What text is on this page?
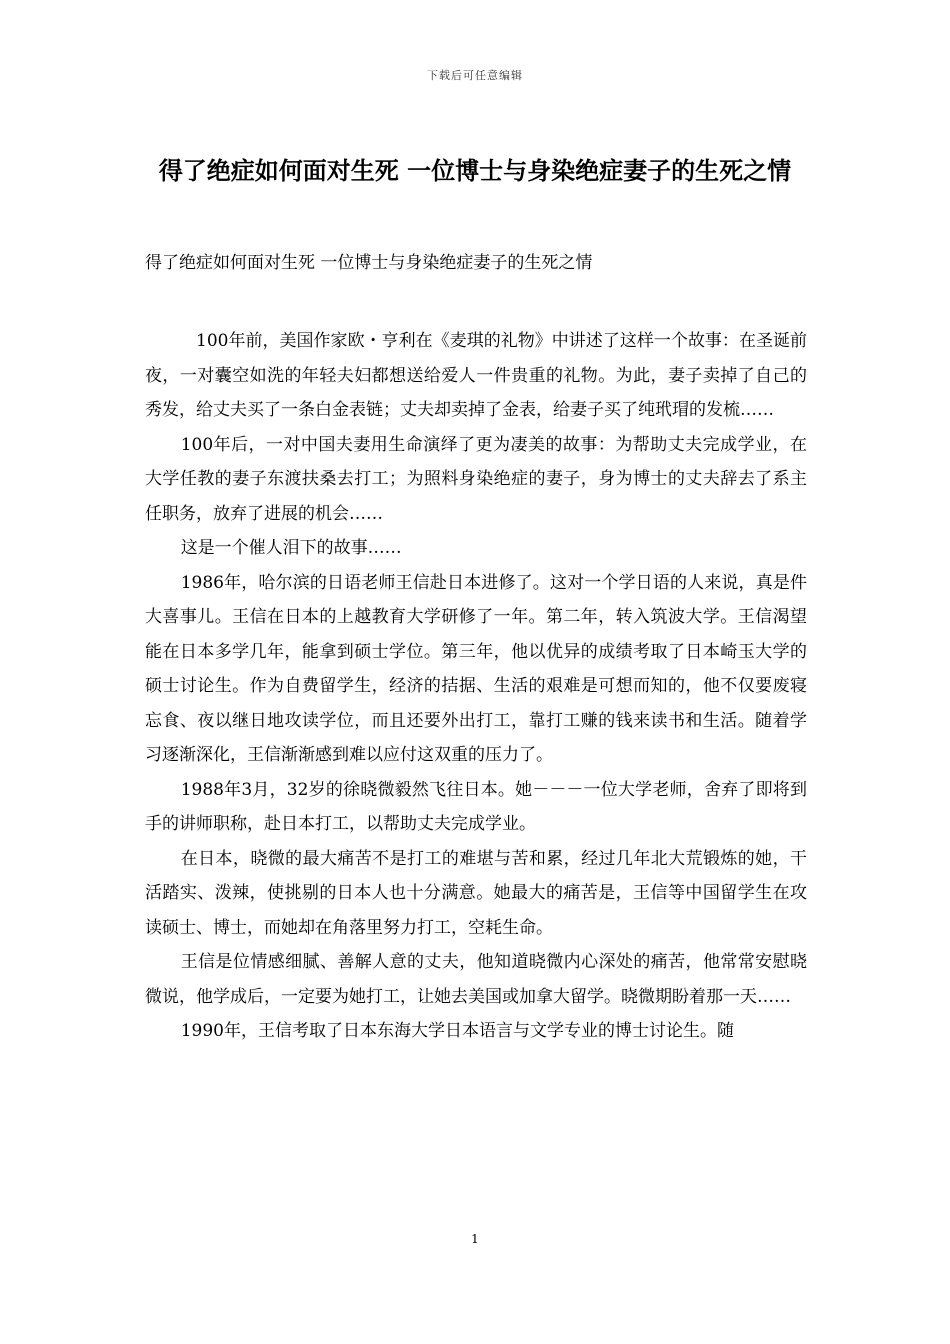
下载后可任意编辑
得了绝症如何面对生死 一位博士与身染绝症妻子的生死之情

得了绝症如何面对生死 一位博士与身染绝症妻子的生死之情

100年前，美国作家欧・亨利在《麦琪的礼物》中讲述了这样一个故事：在圣诞前夜，一对囊空如洗的年轻夫妇都想送给爱人一件贵重的礼物。为此，妻子卖掉了自己的秀发，给丈夫买了一条白金表链；丈夫却卖掉了金表，给妻子买了纯玳瑁的发梳……

100年后，一对中国夫妻用生命演绎了更为凄美的故事：为帮助丈夫完成学业，在大学任教的妻子东渡扶桑去打工；为照料身染绝症的妻子，身为博士的丈夫辞去了系主任职务，放弃了进展的机会……

这是一个催人泪下的故事……

1986年，哈尔滨的日语老师王信赴日本进修了。这对一个学日语的人来说，真是件大喜事儿。王信在日本的上越教育大学研修了一年。第二年，转入筑波大学。王信渴望能在日本多学几年，能拿到硕士学位。第三年，他以优异的成绩考取了日本崎玉大学的硕士讨论生。作为自费留学生，经济的拮据、生活的艰难是可想而知的，他不仅要废寝忘食、夜以继日地攻读学位，而且还要外出打工，靠打工赚的钱来读书和生活。随着学习逐渐深化，王信渐渐感到难以应付这双重的压力了。

1988年3月，32岁的徐晓微毅然飞往日本。她－－－一位大学老师，舍弃了即将到手的讲师职称，赴日本打工，以帮助丈夫完成学业。

在日本，晓微的最大痛苦不是打工的难堪与苦和累，经过几年北大荒锻炼的她，干活踏实、泼辣，使挑剔的日本人也十分满意。她最大的痛苦是，王信等中国留学生在攻读硕士、博士，而她却在角落里努力打工，空耗生命。

王信是位情感细腻、善解人意的丈夫，他知道晓微内心深处的痛苦，他常常安慰晓微说，他学成后，一定要为她打工，让她去美国或加拿大留学。晓微期盼着那一天……

1990年，王信考取了日本东海大学日本语言与文学专业的博士讨论生。随

1
